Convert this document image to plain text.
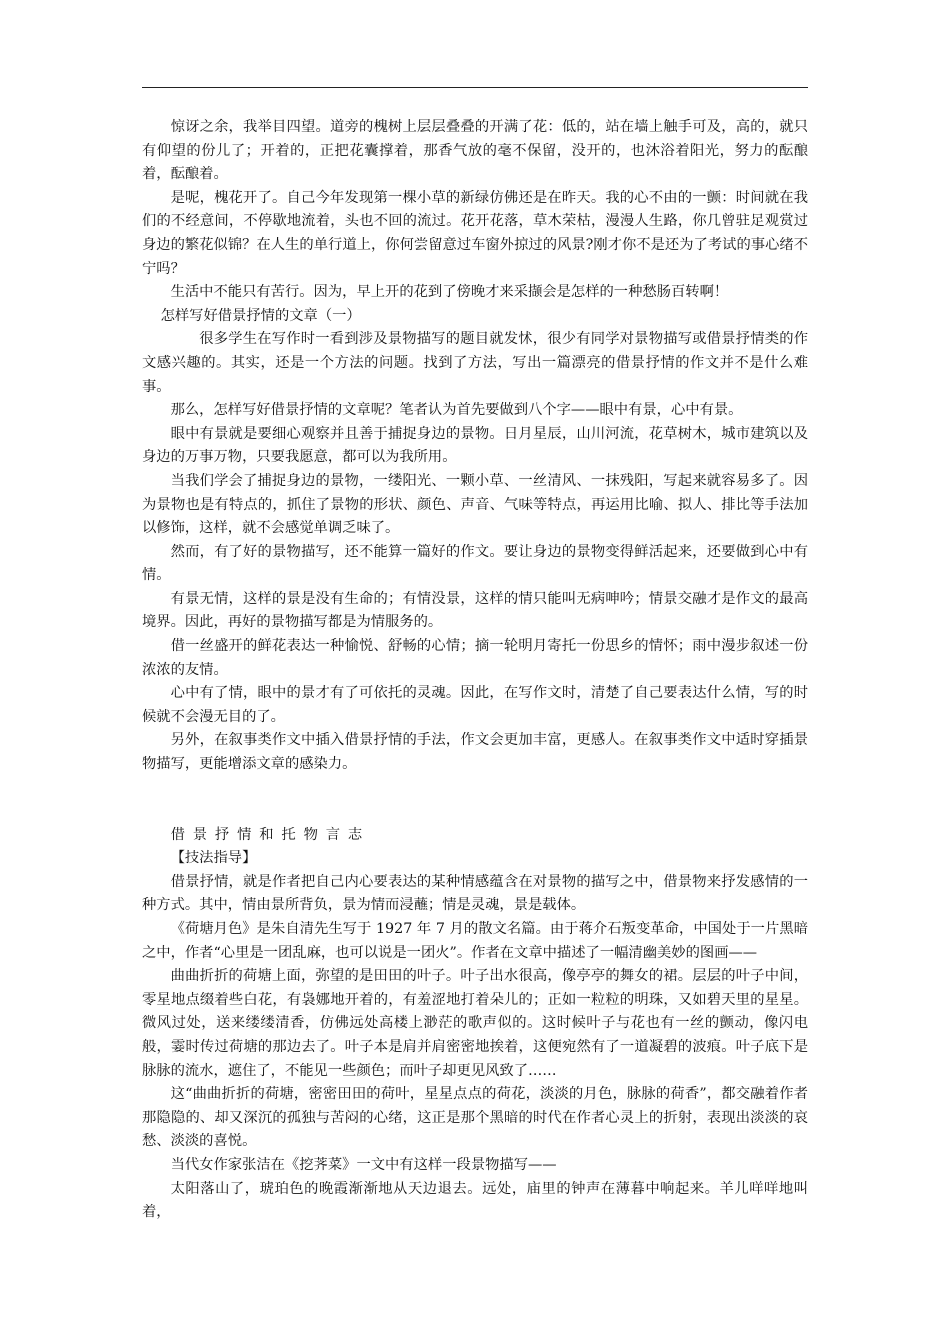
惊讶之余，我举目四望。道旁的槐树上层层叠叠的开满了花：低的，站在墙上触手可及，高的，就只有仰望的份儿了；开着的，正把花囊撑着，那香气放的毫不保留，没开的，也沐浴着阳光，努力的酝酿着，酝酿着。

是呢，槐花开了。自己今年发现第一棵小草的新绿仿佛还是在昨天。我的心不由的一颤：时间就在我们的不经意间，不停歇地流着，头也不回的流过。花开花落，草木荣枯，漫漫人生路，你几曾驻足观赏过身边的繁花似锦？在人生的单行道上，你何尝留意过车窗外掠过的风景?刚才你不是还为了考试的事心绪不宁吗？

生活中不能只有苦行。因为，早上开的花到了傍晚才来采撷会是怎样的一种愁肠百转啊！

怎样写好借景抒情的文章（一）

很多学生在写作时一看到涉及景物描写的题目就发怵，很少有同学对景物描写或借景抒情类的作文感兴趣的。其实，还是一个方法的问题。找到了方法，写出一篇漂亮的借景抒情的作文并不是什么难事。

那么，怎样写好借景抒情的文章呢？笔者认为首先要做到八个字——眼中有景，心中有景。

眼中有景就是要细心观察并且善于捕捉身边的景物。日月星辰，山川河流，花草树木，城市建筑以及身边的万事万物，只要我愿意，都可以为我所用。

当我们学会了捕捉身边的景物，一缕阳光、一颗小草、一丝清风、一抹残阳，写起来就容易多了。因为景物也是有特点的，抓住了景物的形状、颜色、声音、气味等特点，再运用比喻、拟人、排比等手法加以修饰，这样，就不会感觉单调乏味了。

然而，有了好的景物描写，还不能算一篇好的作文。要让身边的景物变得鲜活起来，还要做到心中有情。

有景无情，这样的景是没有生命的；有情没景，这样的情只能叫无病呻吟；情景交融才是作文的最高境界。因此，再好的景物描写都是为情服务的。

借一丝盛开的鲜花表达一种愉悦、舒畅的心情；摘一轮明月寄托一份思乡的情怀；雨中漫步叙述一份浓浓的友情。

心中有了情，眼中的景才有了可依托的灵魂。因此，在写作文时，清楚了自己要表达什么情，写的时候就不会漫无目的了。

另外，在叙事类作文中插入借景抒情的手法，作文会更加丰富，更感人。在叙事类作文中适时穿插景物描写，更能增添文章的感染力。

借景抒情和托物言志

【技法指导】

借景抒情，就是作者把自己内心要表达的某种情感蕴含在对景物的描写之中，借景物来抒发感情的一种方式。其中，情由景所背负，景为情而浸蘸；情是灵魂，景是载体。

《荷塘月色》是朱自清先生写于 1927 年 7 月的散文名篇。由于蒋介石叛变革命，中国处于一片黑暗之中，作者“心里是一团乱麻，也可以说是一团火”。作者在文章中描述了一幅清幽美妙的图画——

曲曲折折的荷塘上面，弥望的是田田的叶子。叶子出水很高，像亭亭的舞女的裙。层层的叶子中间，零星地点缀着些白花，有袅娜地开着的，有羞涩地打着朵儿的；正如一粒粒的明珠，又如碧天里的星星。微风过处，送来缕缕清香，仿佛远处高楼上渺茫的歌声似的。这时候叶子与花也有一丝的颤动，像闪电般，霎时传过荷塘的那边去了。叶子本是肩并肩密密地挨着，这便宛然有了一道凝碧的波痕。叶子底下是脉脉的流水，遮住了，不能见一些颜色；而叶子却更见风致了……

这“曲曲折折的荷塘，密密田田的荷叶，星星点点的荷花，淡淡的月色，脉脉的荷香”，都交融着作者那隐隐的、却又深沉的孤独与苦闷的心绪，这正是那个黑暗的时代在作者心灵上的折射，表现出淡淡的哀愁、淡淡的喜悦。

当代女作家张洁在《挖荠菜》一文中有这样一段景物描写——

太阳落山了，琥珀色的晚霞渐渐地从天边退去。远处，庙里的钟声在薄暮中响起来。羊儿咩咩地叫着，
